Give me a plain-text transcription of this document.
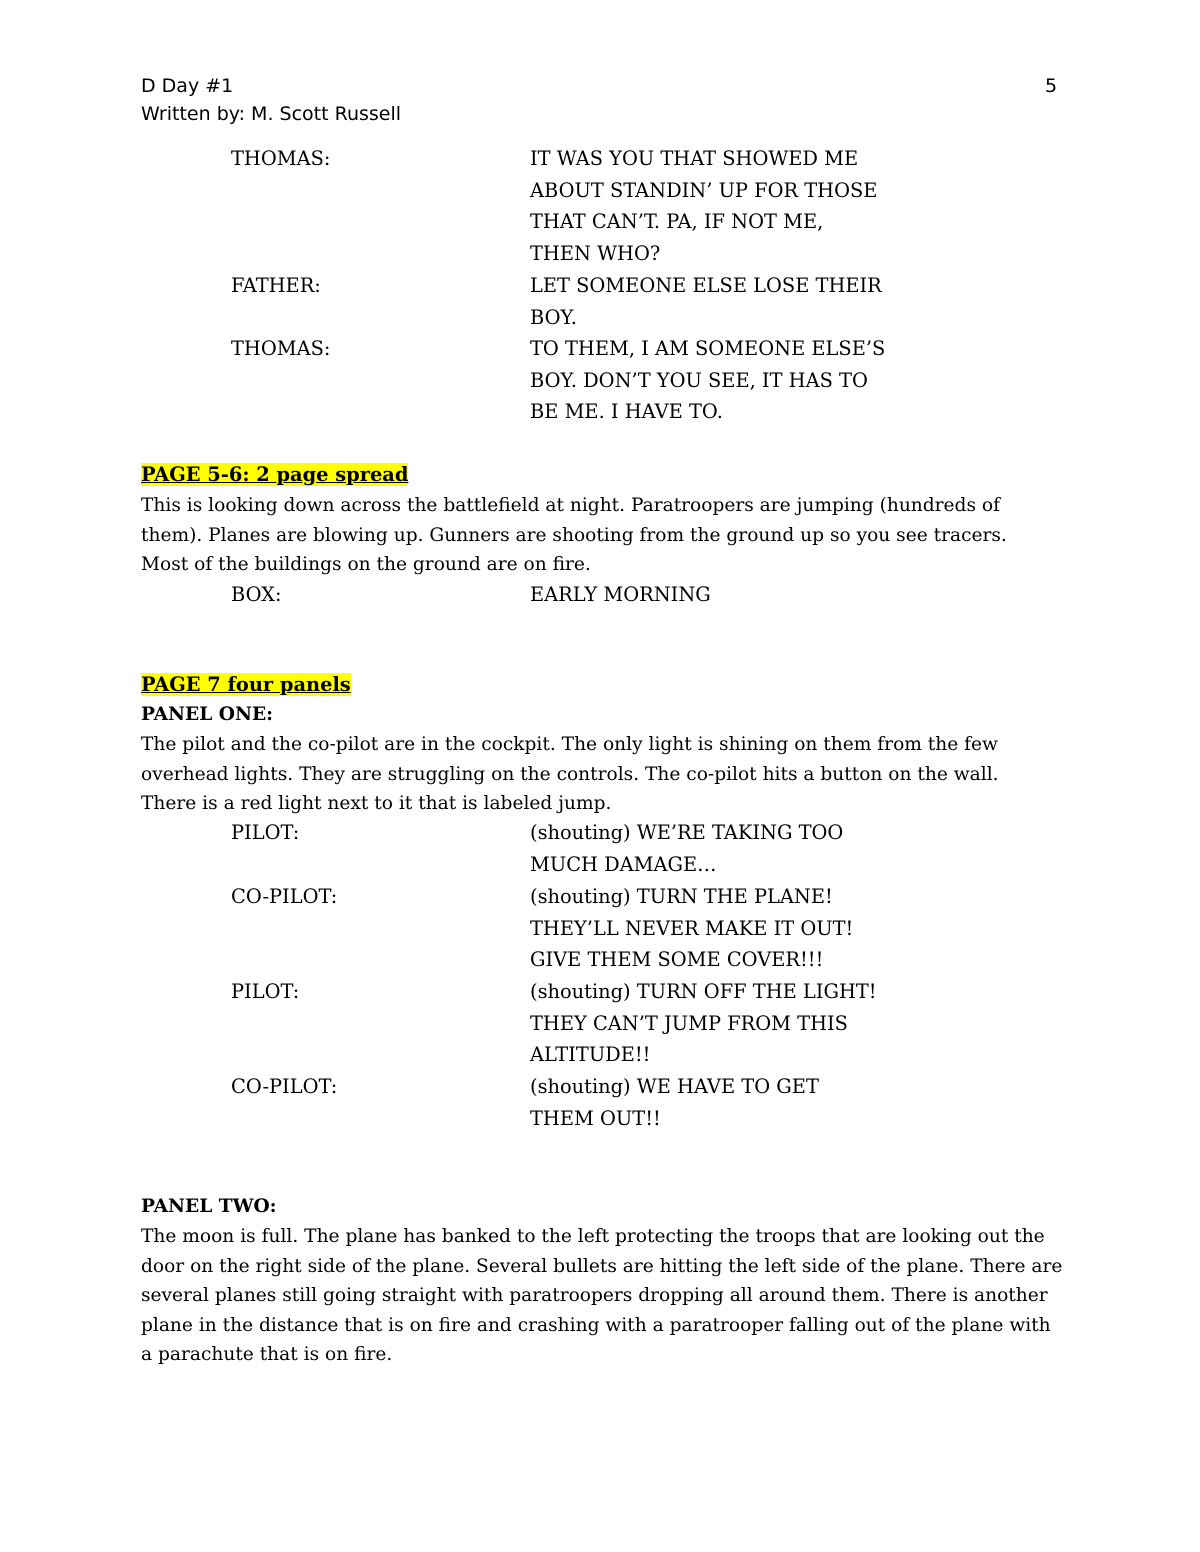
D Day #1
Written by: M. Scott Russell
5
THOMAS:	IT WAS YOU THAT SHOWED ME
ABOUT STANDIN’ UP FOR THOSE
THAT CAN’T. PA, IF NOT ME,
THEN WHO?
FATHER:	LET SOMEONE ELSE LOSE THEIR
BOY.
THOMAS:	TO THEM, I AM SOMEONE ELSE’S
BOY. DON’T YOU SEE, IT HAS TO
BE ME. I HAVE TO.
PAGE 5-6: 2 page spread
This is looking down across the battlefield at night. Paratroopers are jumping (hundreds of
them). Planes are blowing up. Gunners are shooting from the ground up so you see tracers.
Most of the buildings on the ground are on fire.
BOX:	EARLY MORNING
PAGE 7 four panels
PANEL ONE:
The pilot and the co-pilot are in the cockpit. The only light is shining on them from the few
overhead lights. They are struggling on the controls. The co-pilot hits a button on the wall.
There is a red light next to it that is labeled jump.
PILOT:	(shouting) WE’RE TAKING TOO
MUCH DAMAGE…
CO-PILOT:	(shouting) TURN THE PLANE!
THEY’LL NEVER MAKE IT OUT!
GIVE THEM SOME COVER!!!
PILOT:	(shouting) TURN OFF THE LIGHT!
THEY CAN’T JUMP FROM THIS
ALTITUDE!!
CO-PILOT:	(shouting) WE HAVE TO GET
THEM OUT!!
PANEL TWO:
The moon is full. The plane has banked to the left protecting the troops that are looking out the
door on the right side of the plane. Several bullets are hitting the left side of the plane. There are
several planes still going straight with paratroopers dropping all around them. There is another
plane in the distance that is on fire and crashing with a paratrooper falling out of the plane with
a parachute that is on fire.
